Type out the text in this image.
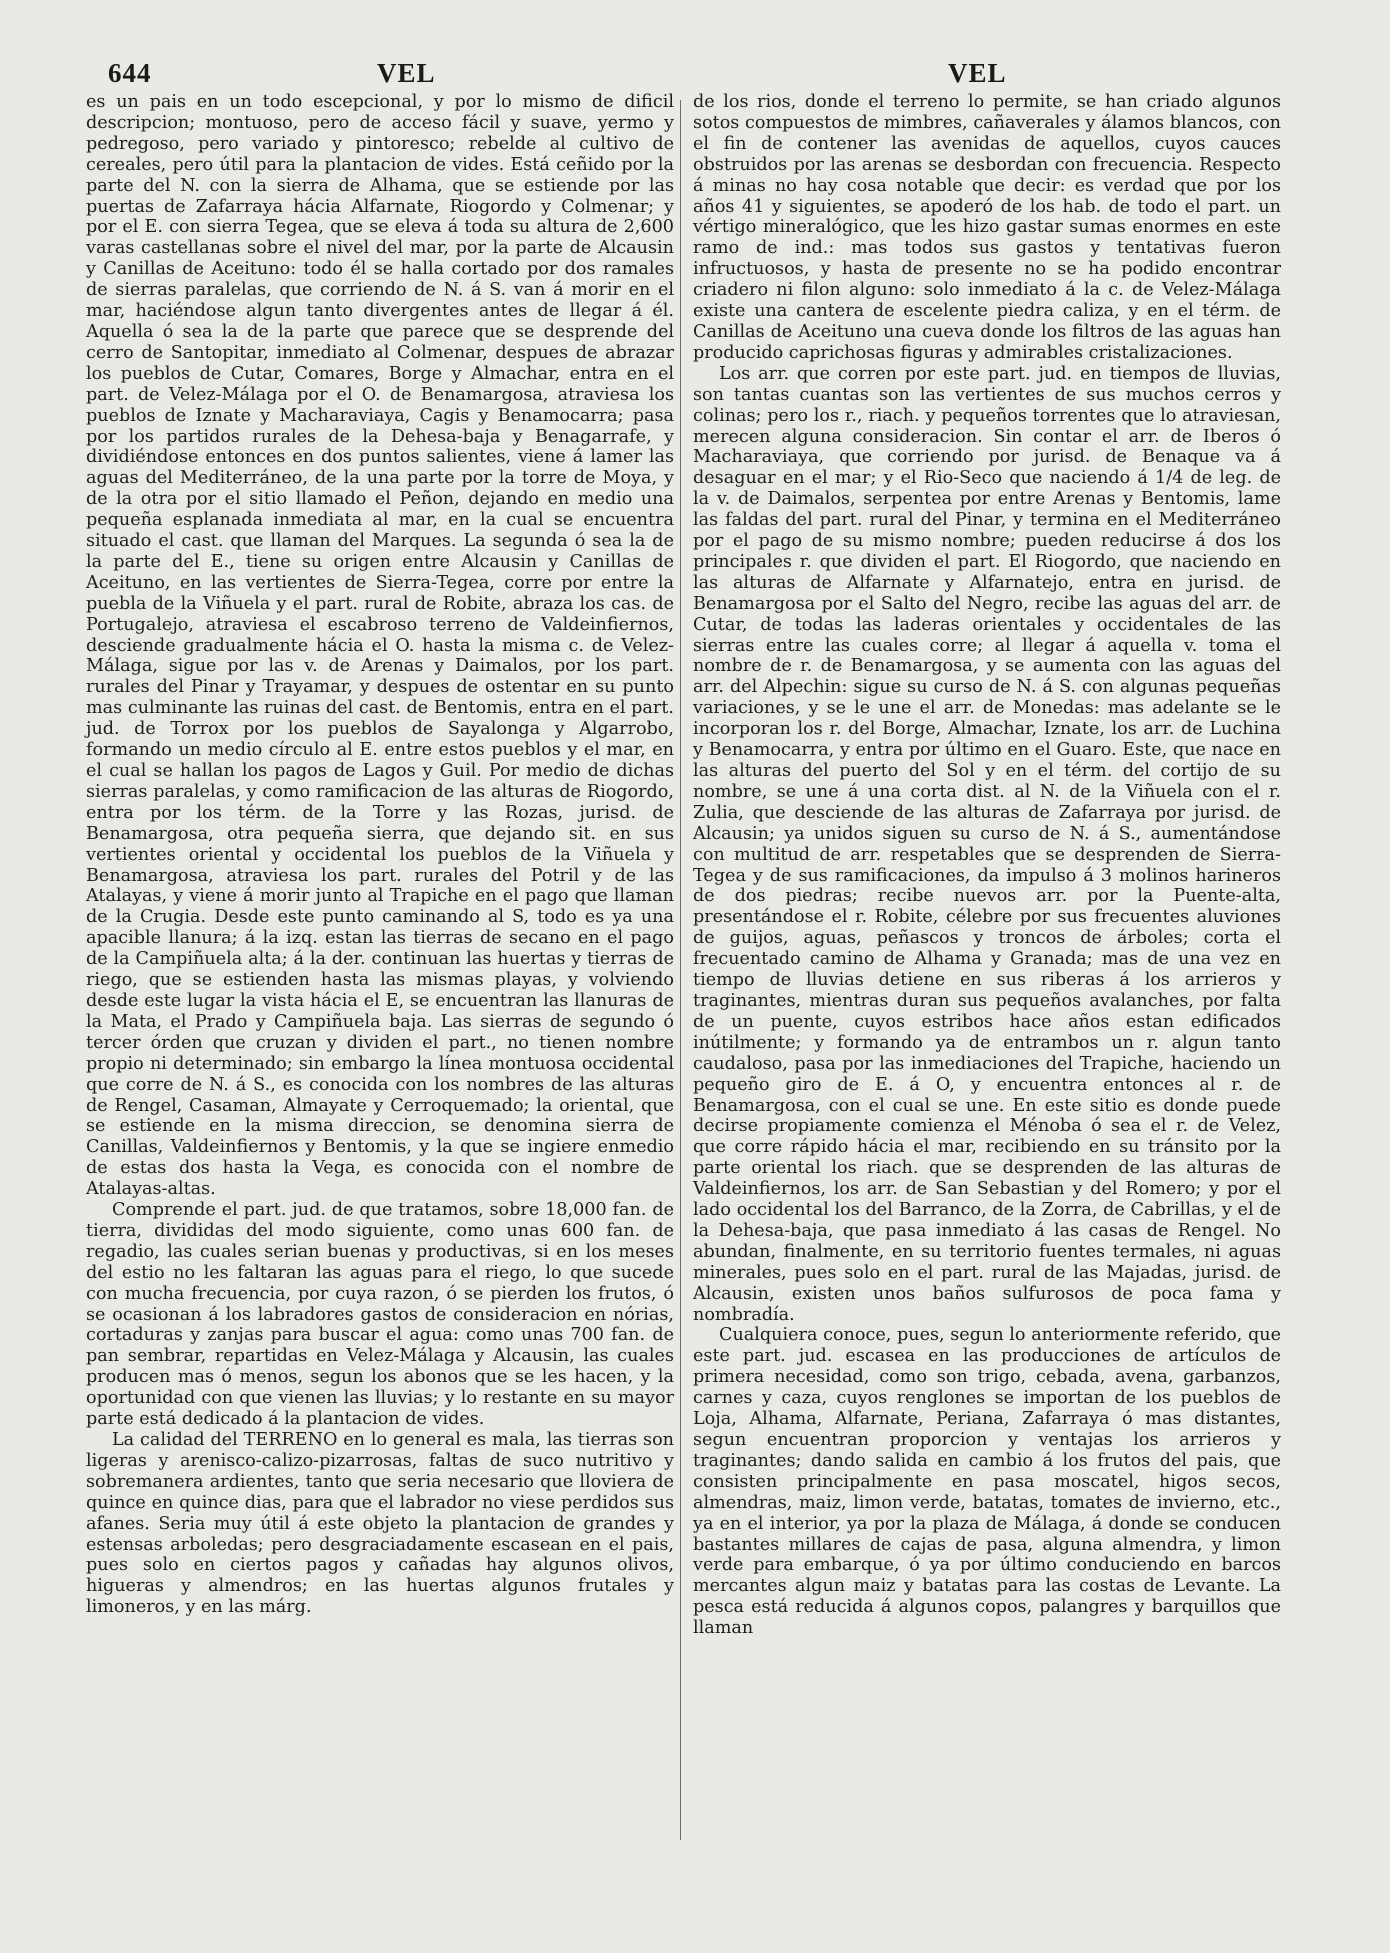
644	VEL	VEL

es un pais en un todo escepcional, y por lo mismo de dificil descripcion; montuoso, pero de acceso fácil y suave, yermo y pedregoso, pero variado y pintoresco; rebelde al cultivo de cereales, pero útil para la plantacion de vides. Está ceñido por la parte del N. con la sierra de Alhama, que se estiende por las puertas de Zafarraya hácia Alfarnate, Riogordo y Colmenar; y por el E. con sierra Tegea, que se eleva á toda su altura de 2,600 varas castellanas sobre el nivel del mar, por la parte de Alcausin y Canillas de Aceituno: todo él se halla cortado por dos ramales de sierras paralelas, que corriendo de N. á S. van á morir en el mar, haciéndose algun tanto divergentes antes de llegar á él. Aquella ó sea la de la parte que parece que se desprende del cerro de Santopitar, inmediato al Colmenar, despues de abrazar los pueblos de Cutar, Comares, Borge y Almachar, entra en el part. de Velez-Málaga por el O. de Benamargosa, atraviesa los pueblos de Iznate y Macharaviaya, Cagis y Benamocarra; pasa por los partidos rurales de la Dehesa-baja y Benagarrafe, y dividiéndose entonces en dos puntos salientes, viene á lamer las aguas del Mediterráneo, de la una parte por la torre de Moya, y de la otra por el sitio llamado el Peñon, dejando en medio una pequeña esplanada inmediata al mar, en la cual se encuentra situado el cast. que llaman del Marques. La segunda ó sea la de la parte del E., tiene su origen entre Alcausin y Canillas de Aceituno, en las vertientes de Sierra-Tegea, corre por entre la puebla de la Viñuela y el part. rural de Robite, abraza los cas. de Portugalejo, atraviesa el escabroso terreno de Valdeinfiernos, desciende gradualmente hácia el O. hasta la misma c. de Velez-Málaga, sigue por las v. de Arenas y Daimalos, por los part. rurales del Pinar y Trayamar, y despues de ostentar en su punto mas culminante las ruinas del cast. de Bentomis, entra en el part. jud. de Torrox por los pueblos de Sayalonga y Algarrobo, formando un medio círculo al E. entre estos pueblos y el mar, en el cual se hallan los pagos de Lagos y Guil. Por medio de dichas sierras paralelas, y como ramificacion de las alturas de Riogordo, entra por los térm. de la Torre y las Rozas, jurisd. de Benamargosa, otra pequeña sierra, que dejando sit. en sus vertientes oriental y occidental los pueblos de la Viñuela y Benamargosa, atraviesa los part. rurales del Potril y de las Atalayas, y viene á morir junto al Trapiche en el pago que llaman de la Crugia. Desde este punto caminando al S, todo es ya una apacible llanura; á la izq. estan las tierras de secano en el pago de la Campiñuela alta; á la der. continuan las huertas y tierras de riego, que se estienden hasta las mismas playas, y volviendo desde este lugar la vista hácia el E, se encuentran las llanuras de la Mata, el Prado y Campiñuela baja. Las sierras de segundo ó tercer órden que cruzan y dividen el part., no tienen nombre propio ni determinado; sin embargo la línea montuosa occidental que corre de N. á S., es conocida con los nombres de las alturas de Rengel, Casaman, Almayate y Cerroquemado; la oriental, que se estiende en la misma direccion, se denomina sierra de Canillas, Valdeinfiernos y Bentomis, y la que se ingiere enmedio de estas dos hasta la Vega, es conocida con el nombre de Atalayas-altas.

Comprende el part. jud. de que tratamos, sobre 18,000 fan. de tierra, divididas del modo siguiente, como unas 600 fan. de regadio, las cuales serian buenas y productivas, si en los meses del estio no les faltaran las aguas para el riego, lo que sucede con mucha frecuencia, por cuya razon, ó se pierden los frutos, ó se ocasionan á los labradores gastos de consideracion en nórias, cortaduras y zanjas para buscar el agua: como unas 700 fan. de pan sembrar, repartidas en Velez-Málaga y Alcausin, las cuales producen mas ó menos, segun los abonos que se les hacen, y la oportunidad con que vienen las lluvias; y lo restante en su mayor parte está dedicado á la plantacion de vides.

La calidad del TERRENO en lo general es mala, las tierras son ligeras y arenisco-calizo-pizarrosas, faltas de suco nutritivo y sobremanera ardientes, tanto que seria necesario que lloviera de quince en quince dias, para que el labrador no viese perdidos sus afanes. Seria muy útil á este objeto la plantacion de grandes y estensas arboledas; pero desgraciadamente escasean en el pais, pues solo en ciertos pagos y cañadas hay algunos olivos, higueras y almendros; en las huertas algunos frutales y limoneros, y en las márg.

de los rios, donde el terreno lo permite, se han criado algunos sotos compuestos de mimbres, cañaverales y álamos blancos, con el fin de contener las avenidas de aquellos, cuyos cauces obstruidos por las arenas se desbordan con frecuencia. Respecto á minas no hay cosa notable que decir: es verdad que por los años 41 y siguientes, se apoderó de los hab. de todo el part. un vértigo mineralógico, que les hizo gastar sumas enormes en este ramo de ind.: mas todos sus gastos y tentativas fueron infructuosos, y hasta de presente no se ha podido encontrar criadero ni filon alguno: solo inmediato á la c. de Velez-Málaga existe una cantera de escelente piedra caliza, y en el térm. de Canillas de Aceituno una cueva donde los filtros de las aguas han producido caprichosas figuras y admirables cristalizaciones.

Los arr. que corren por este part. jud. en tiempos de lluvias, son tantas cuantas son las vertientes de sus muchos cerros y colinas; pero los r., riach. y pequeños torrentes que lo atraviesan, merecen alguna consideracion. Sin contar el arr. de Iberos ó Macharaviaya, que corriendo por jurisd. de Benaque va á desaguar en el mar; y el Rio-Seco que naciendo á 1/4 de leg. de la v. de Daimalos, serpentea por entre Arenas y Bentomis, lame las faldas del part. rural del Pinar, y termina en el Mediterráneo por el pago de su mismo nombre; pueden reducirse á dos los principales r. que dividen el part. El Riogordo, que naciendo en las alturas de Alfarnate y Alfarnatejo, entra en jurisd. de Benamargosa por el Salto del Negro, recibe las aguas del arr. de Cutar, de todas las laderas orientales y occidentales de las sierras entre las cuales corre; al llegar á aquella v. toma el nombre de r. de Benamargosa, y se aumenta con las aguas del arr. del Alpechin: sigue su curso de N. á S. con algunas pequeñas variaciones, y se le une el arr. de Monedas: mas adelante se le incorporan los r. del Borge, Almachar, Iznate, los arr. de Luchina y Benamocarra, y entra por último en el Guaro. Este, que nace en las alturas del puerto del Sol y en el térm. del cortijo de su nombre, se une á una corta dist. al N. de la Viñuela con el r. Zulia, que desciende de las alturas de Zafarraya por jurisd. de Alcausin; ya unidos siguen su curso de N. á S., aumentándose con multitud de arr. respetables que se desprenden de Sierra-Tegea y de sus ramificaciones, da impulso á 3 molinos harineros de dos piedras; recibe nuevos arr. por la Puente-alta, presentándose el r. Robite, célebre por sus frecuentes aluviones de guijos, aguas, peñascos y troncos de árboles; corta el frecuentado camino de Alhama y Granada; mas de una vez en tiempo de lluvias detiene en sus riberas á los arrieros y traginantes, mientras duran sus pequeños avalanches, por falta de un puente, cuyos estribos hace años estan edificados inútilmente; y formando ya de entrambos un r. algun tanto caudaloso, pasa por las inmediaciones del Trapiche, haciendo un pequeño giro de E. á O, y encuentra entonces al r. de Benamargosa, con el cual se une. En este sitio es donde puede decirse propiamente comienza el Ménoba ó sea el r. de Velez, que corre rápido hácia el mar, recibiendo en su tránsito por la parte oriental los riach. que se desprenden de las alturas de Valdeinfiernos, los arr. de San Sebastian y del Romero; y por el lado occidental los del Barranco, de la Zorra, de Cabrillas, y el de la Dehesa-baja, que pasa inmediato á las casas de Rengel. No abundan, finalmente, en su territorio fuentes termales, ni aguas minerales, pues solo en el part. rural de las Majadas, jurisd. de Alcausin, existen unos baños sulfurosos de poca fama y nombradía.

Cualquiera conoce, pues, segun lo anteriormente referido, que este part. jud. escasea en las producciones de artículos de primera necesidad, como son trigo, cebada, avena, garbanzos, carnes y caza, cuyos renglones se importan de los pueblos de Loja, Alhama, Alfarnate, Periana, Zafarraya ó mas distantes, segun encuentran proporcion y ventajas los arrieros y traginantes; dando salida en cambio á los frutos del pais, que consisten principalmente en pasa moscatel, higos secos, almendras, maiz, limon verde, batatas, tomates de invierno, etc., ya en el interior, ya por la plaza de Málaga, á donde se conducen bastantes millares de cajas de pasa, alguna almendra, y limon verde para embarque, ó ya por último conduciendo en barcos mercantes algun maiz y batatas para las costas de Levante. La pesca está reducida á algunos copos, palangres y barquillos que llaman
